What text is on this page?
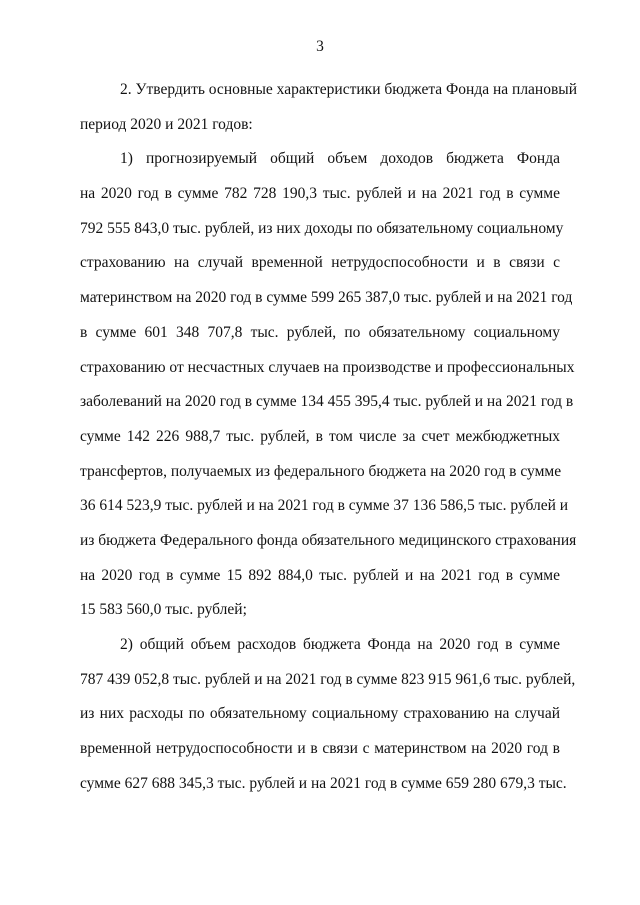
3
2. Утвердить основные характеристики бюджета Фонда на плановый
период 2020 и 2021 годов:
1) прогнозируемый общий объем доходов бюджета Фонда
на 2020 год в сумме 782 728 190,3 тыс. рублей и на 2021 год в сумме
792 555 843,0 тыс. рублей, из них доходы по обязательному социальному
страхованию на случай временной нетрудоспособности и в связи с
материнством на 2020 год в сумме 599 265 387,0 тыс. рублей и на 2021 год
в сумме 601 348 707,8 тыс. рублей, по обязательному социальному
страхованию от несчастных случаев на производстве и профессиональных
заболеваний на 2020 год в сумме 134 455 395,4 тыс. рублей и на 2021 год в
сумме 142 226 988,7 тыс. рублей, в том числе за счет межбюджетных
трансфертов, получаемых из федерального бюджета на 2020 год в сумме
36 614 523,9 тыс. рублей и на 2021 год в сумме 37 136 586,5 тыс. рублей и
из бюджета Федерального фонда обязательного медицинского страхования
на 2020 год в сумме 15 892 884,0 тыс. рублей и на 2021 год в сумме
15 583 560,0 тыс. рублей;
2) общий объем расходов бюджета Фонда на 2020 год в сумме
787 439 052,8 тыс. рублей и на 2021 год в сумме 823 915 961,6 тыс. рублей,
из них расходы по обязательному социальному страхованию на случай
временной нетрудоспособности и в связи с материнством на 2020 год в
сумме 627 688 345,3 тыс. рублей и на 2021 год в сумме 659 280 679,3 тыс.
